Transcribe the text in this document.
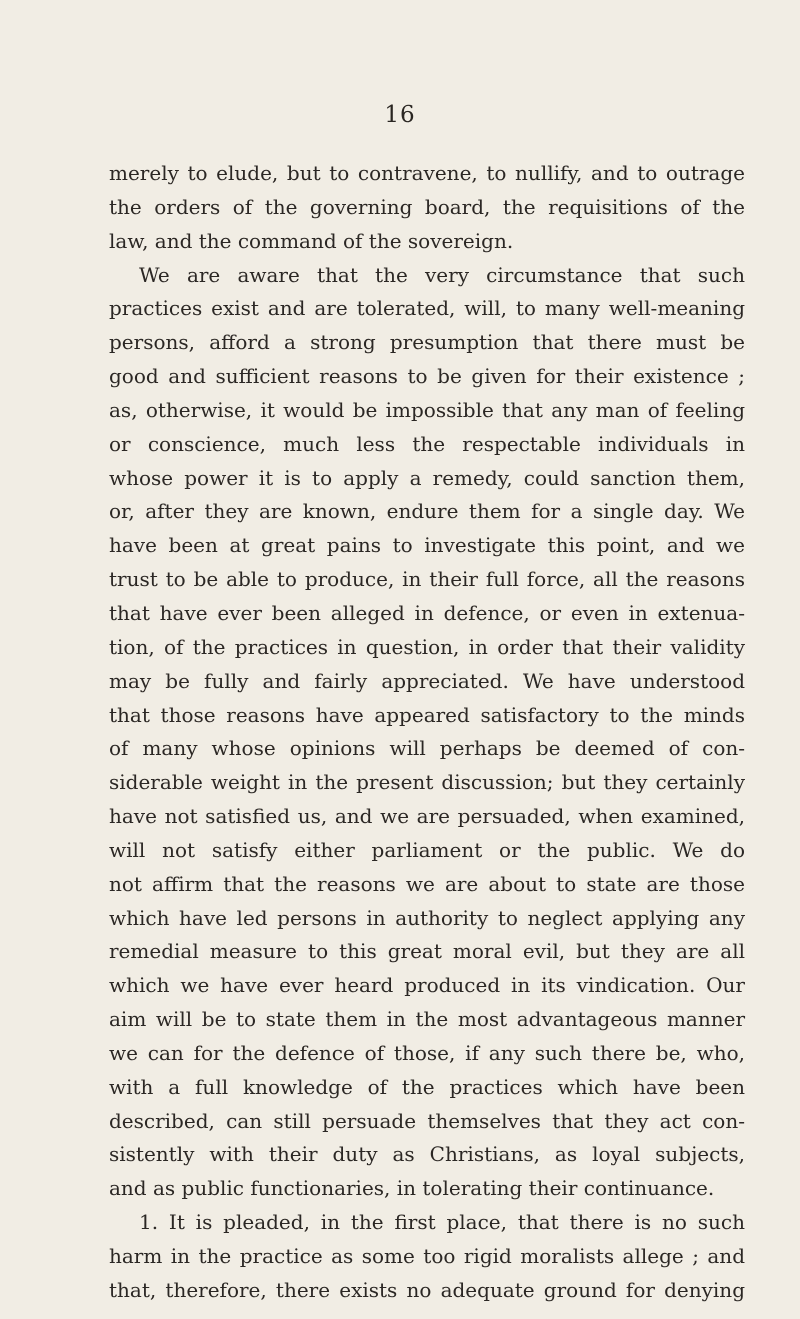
16
merely to elude, but to contravene, to nullify, and to outrage
the orders of the governing board, the requisitions of the
law, and the command of the sovereign.
We are aware that the very circumstance that such
practices exist and are tolerated, will, to many well-meaning
persons, afford a strong presumption that there must be
good and sufficient reasons to be given for their existence ;
as, otherwise, it would be impossible that any man of feeling
or conscience, much less the respectable individuals in
whose power it is to apply a remedy, could sanction them,
or, after they are known, endure them for a single day. We
have been at great pains to investigate this point, and we
trust to be able to produce, in their full force, all the reasons
that have ever been alleged in defence, or even in extenua-
tion, of the practices in question, in order that their validity
may be fully and fairly appreciated. We have understood
that those reasons have appeared satisfactory to the minds
of many whose opinions will perhaps be deemed of con-
siderable weight in the present discussion; but they certainly
have not satisfied us, and we are persuaded, when examined,
will not satisfy either parliament or the public. We do
not affirm that the reasons we are about to state are those
which have led persons in authority to neglect applying any
remedial measure to this great moral evil, but they are all
which we have ever heard produced in its vindication. Our
aim will be to state them in the most advantageous manner
we can for the defence of those, if any such there be, who,
with a full knowledge of the practices which have been
described, can still persuade themselves that they act con-
sistently with their duty as Christians, as loyal subjects,
and as public functionaries, in tolerating their continuance.
1. It is pleaded, in the first place, that there is no such
harm in the practice as some too rigid moralists allege ; and
that, therefore, there exists no adequate ground for denying
